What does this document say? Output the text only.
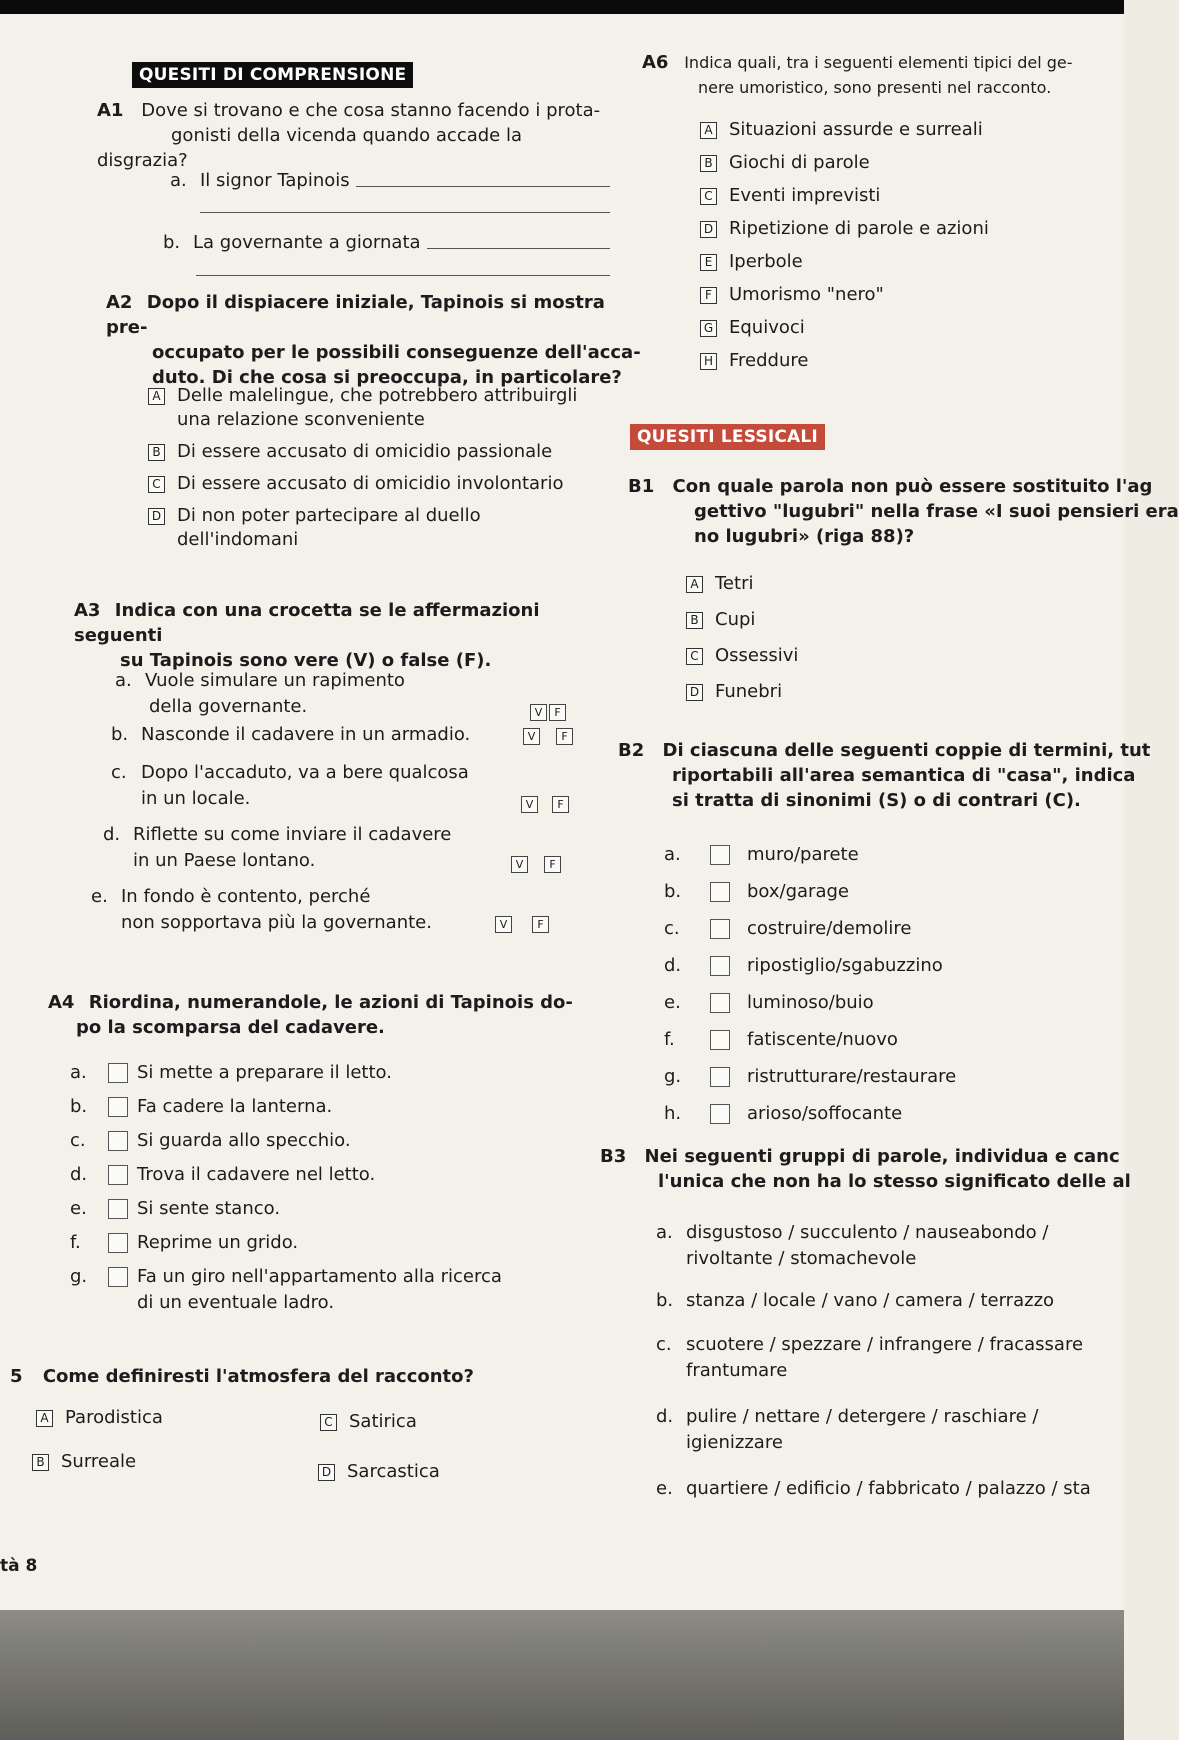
QUESITI DI COMPRENSIONE
A1 Dove si trovano e che cosa stanno facendo i prota-
gonisti della vicenda quando accade la disgrazia?
a. Il signor Tapinois
b. La governante a giornata
A2 Dopo il dispiacere iniziale, Tapinois si mostra pre-
occupato per le possibili conseguenze dell'acca-
duto. Di che cosa si preoccupa, in particolare?
A Delle malelingue, che potrebbero attribuirgli
una relazione sconveniente
B Di essere accusato di omicidio passionale
C Di essere accusato di omicidio involontario
D Di non poter partecipare al duello
dell'indomani
A3 Indica con una crocetta se le affermazioni seguenti
su Tapinois sono vere (V) o false (F).
a. Vuole simulare un rapimento
della governante.	V	F
b. Nasconde il cadavere in un armadio.	V	F
c. Dopo l'accaduto, va a bere qualcosa
in un locale.	V	F
d. Riflette su come inviare il cadavere
in un Paese lontano.	V	F
e. In fondo è contento, perché
non sopportava più la governante.	V	F
A4 Riordina, numerandole, le azioni di Tapinois do-
po la scomparsa del cadavere.
a.	Si mette a preparare il letto.
b.	Fa cadere la lanterna.
c.	Si guarda allo specchio.
d.	Trova il cadavere nel letto.
e.	Si sente stanco.
f.	Reprime un grido.
g.	Fa un giro nell'appartamento alla ricerca
di un eventuale ladro.
5 Come definiresti l'atmosfera del racconto?
A Parodistica
B Surreale
C Satirica
D Sarcastica
tà 8
A6 Indica quali, tra i seguenti elementi tipici del ge-
nere umoristico, sono presenti nel racconto.
A Situazioni assurde e surreali
B Giochi di parole
C Eventi imprevisti
D Ripetizione di parole e azioni
E Iperbole
F Umorismo "nero"
G Equivoci
H Freddure
QUESITI LESSICALI
B1 Con quale parola non può essere sostituito l'ag
gettivo "lugubri" nella frase «I suoi pensieri era
no lugubri» (riga 88)?
A Tetri
B Cupi
C Ossessivi
D Funebri
B2 Di ciascuna delle seguenti coppie di termini, tut
riportabili all'area semantica di "casa", indica
si tratta di sinonimi (S) o di contrari (C).
a.	muro/parete
b.	box/garage
c.	costruire/demolire
d.	ripostiglio/sgabuzzino
e.	luminoso/buio
f.	fatiscente/nuovo
g.	ristrutturare/restaurare
h.	arioso/soffocante
B3 Nei seguenti gruppi di parole, individua e canc
l'unica che non ha lo stesso significato delle al
a. disgustoso / succulento / nauseabondo /
rivoltante / stomachevole
b. stanza / locale / vano / camera / terrazzo
c. scuotere / spezzare / infrangere / fracassare
frantumare
d. pulire / nettare / detergere / raschiare /
igienizzare
e. quartiere / edificio / fabbricato / palazzo / sta
